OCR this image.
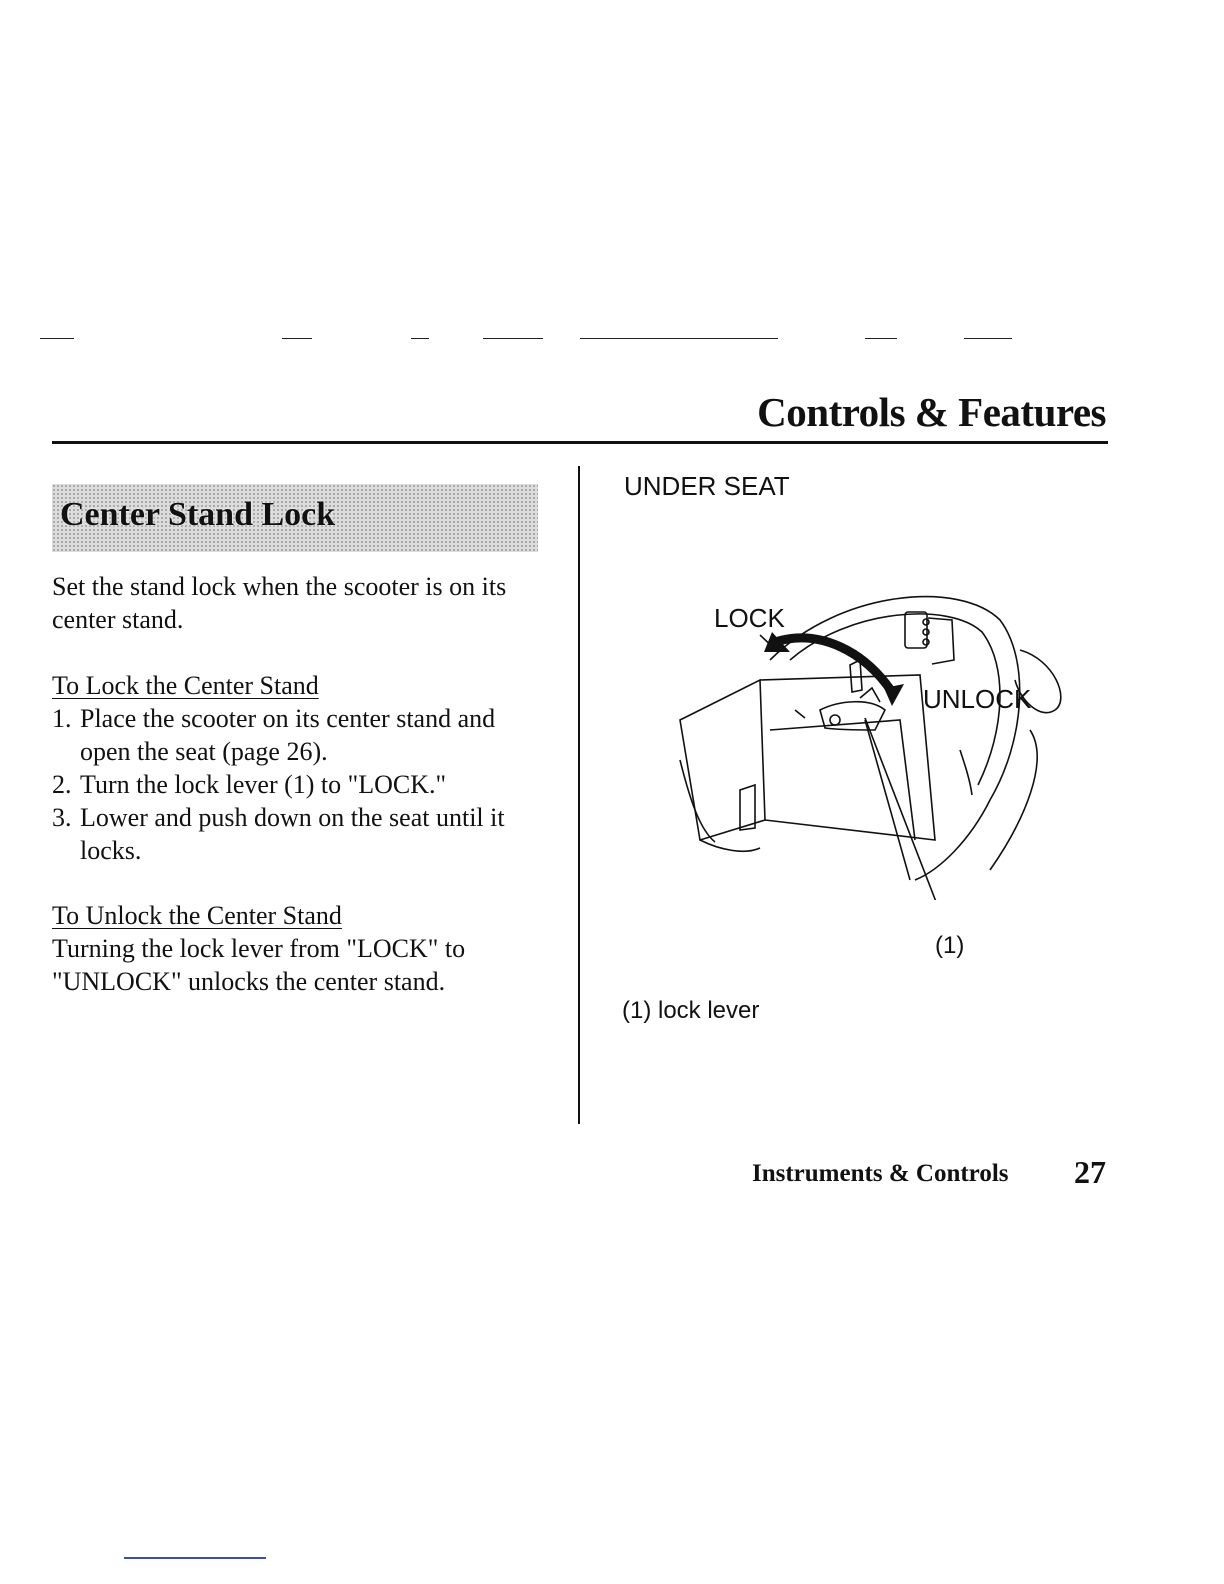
Controls & Features
Center Stand Lock
Set the stand lock when the scooter is on its center stand.
To Lock the Center Stand
1. Place the scooter on its center stand and open the seat (page 26).
2. Turn the lock lever (1) to "LOCK."
3. Lower and push down on the seat until it locks.
To Unlock the Center Stand
Turning the lock lever from "LOCK" to "UNLOCK" unlocks the center stand.
UNDER SEAT
LOCK
UNLOCK
(1)
(1) lock lever
Instruments & Controls 27
